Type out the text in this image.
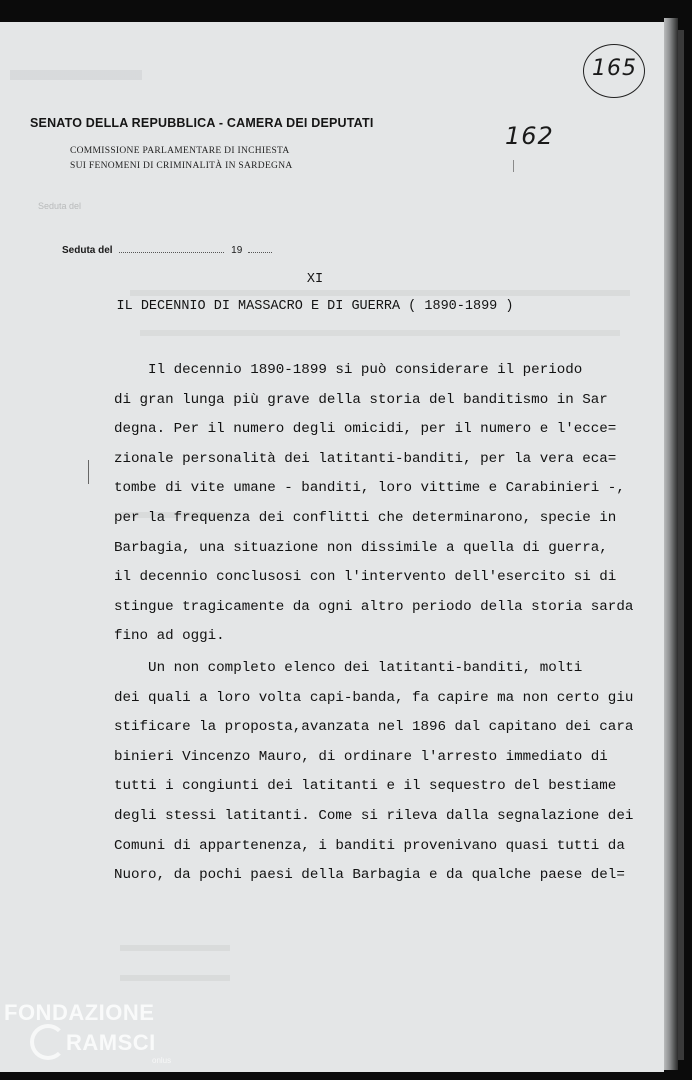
SENATO DELLA REPUBBLICA - CAMERA DEI DEPUTATI
COMMISSIONE PARLAMENTARE DI INCHIESTA
SUI FENOMENI DI CRIMINALITÀ IN SARDEGNA
Seduta del
Seduta del	19
162
165
XI
IL DECENNIO DI MASSACRO E DI GUERRA ( 1890-1899 )
Il decennio 1890-1899 si può considerare il periodo
di gran lunga più grave della storia del banditismo in Sar
degna. Per il numero degli omicidi, per il numero e l'ecce=
zionale personalità dei latitanti-banditi, per la vera eca=
tombe di vite umane - banditi, loro vittime e Carabinieri -,
per la frequenza dei conflitti che determinarono, specie in
Barbagia, una situazione non dissimile a quella di guerra,
il decennio conclusosi con l'intervento dell'esercito si di
stingue tragicamente da ogni altro periodo della storia sarda
fino ad oggi.
Un non completo elenco dei latitanti-banditi, molti
dei quali a loro volta capi-banda, fa capire ma non certo giu
stificare la proposta,avanzata nel 1896 dal capitano dei cara
binieri Vincenzo Mauro, di ordinare l'arresto immediato di
tutti i congiunti dei latitanti e il sequestro del bestiame
degli stessi latitanti. Come si rileva dalla segnalazione dei
Comuni di appartenenza, i banditi provenivano quasi tutti da
Nuoro, da pochi paesi della Barbagia e da qualche paese del=
FONDAZIONE
RAMSCI
onlus
